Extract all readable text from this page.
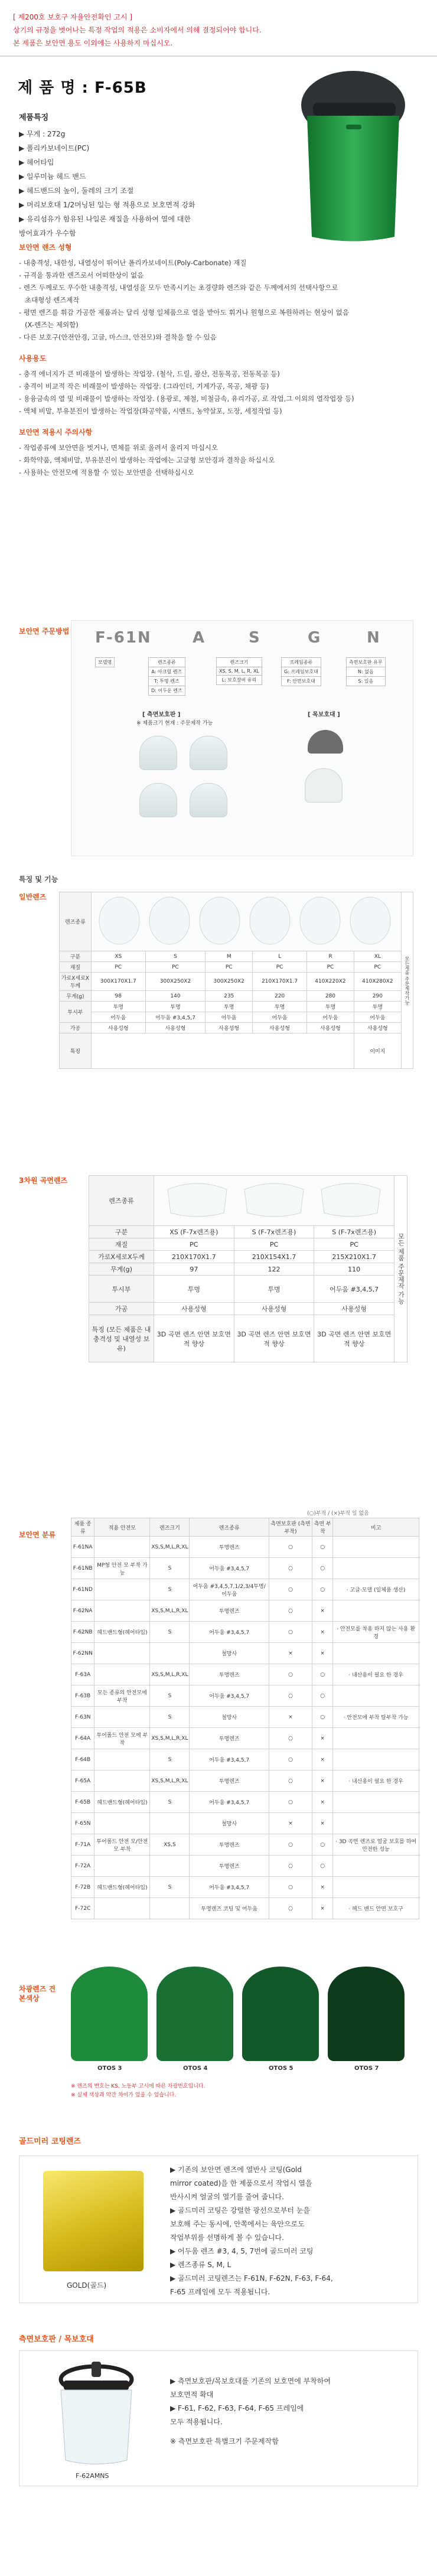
[ 제200호 보호구 자율안전확인 고시 ]

상기의 규정을 벗어나는 특정 작업의 적용은 소비자에서 의해 결정되어야 합니다.

본 제품은 보안면 용도 이외에는 사용하지 마십시오.

제 품 명 : F-65B
제품특징
▶ 무게 : 272g
▶ 폴리카보네이트(PC)
▶ 헤어타입
▶ 일루미늄 헤드 밴드
▶ 헤드밴드의 높이, 둘레의 크기 조절
▶ 머리보호대 1/2머닝된 일는 형 적용으로 보호면적 강화
▶ 유리섬유가 함유된 나일론 재질을 사용하여 열에 대한
방어효과가 우수함
보안면 렌즈 성형
- 내충격성, 내한성, 내열성이 뛰어난 폴리카보네이트(Poly-Carbonate) 재질
- 규격을 통과한 렌즈로서 어떠한상이 없음
- 렌즈 두께로도 우수한 내충격성, 내열성을 모두 만족시키는 초경량화 렌즈와 같은 두께에서의 선택사항으로
초대형성 렌즈제작
- 평면 렌즈를 휘감 가공한 제품과는 달리 성형 일체품으로 열을 받아도 휘거나 원형으로 복원하려는 현상이 없음
(X-렌즈는 제외함)
- 다른 보호구(안전안경, 고글, 마스크, 안전모)와 결착을 할 수 있음
사용용도
- 충격 에너지가 큰 비래물이 발생하는 작업장. (철삭, 드릴, 광산, 전동목공, 전동목공 등)
- 충격이 비교적 작은 비래물이 발생하는 작업장. (그라인더, 기계가공, 목공, 채광 등)
- 용융금속의 열 및 비래물이 발생하는 작업장. (용광로, 제철, 비철금속, 유리가공, 로 작업,그 이외의 열작업장 등)
- 액체 비말, 부유분진이 발생하는 작업장(화공약품, 시멘트, 농약살포, 도장, 세정작업 등)
보안면 적용시 주의사항
- 작업종류에 보안면을 벗거나, 면체를 위로 올려서 올리지 마십시오
- 화학약품, 액체비말, 부유분진이 발생하는 작업에는 고글형 보안경과 결착을 하십시오
- 사용하는 안전모에 적용할 수 있는 보안면을 선택하십시오
보안면 주문방법 F-61N	A	S	G	N
모델명	렌즈종류
A: 아크릴 렌즈
T: 투명 렌즈
D: 어두운 렌즈
렌즈크기
XS, S, M, L, R, XL
L: 보호장비 유리
프레임종류
G: 프레임보호대
F: 안면보호대
측면보호판 유무
N: 없음
S: 있음
[ 측면보호판 ]
※ 제품크기 현재 : 주문제작 가능
[ 목보호대 ]
특징 및 기능
일반렌즈
렌즈종류							모든제품 주문제작가능
구분	XS	S	M	L	R	XL	
재질	PC	PC	PC	PC	PC	PC	
가로X세로X두께	300X170X1.7	300X250X2	300X250X2	210X170X1.7	410X220X2	410X280X2	
무게(g)	98	140	235	220	280	290	
투시부	투명	투명	투명	투명	투명	투명	
	어두움	어두움 #3,4,5,7	어두움	어두움	어두움	어두움	
가공	사용성형	사용성형	사용성형	사용성형	사용성형	사용성형	
특징						이미지	
3차원 곡면렌즈
렌즈종류				모든 제품 주문제작 가능
구분	XS (F-7x렌즈용)	S (F-7x렌즈용)	S (F-7x렌즈용)	
재질	PC	PC	PC	
가로X세로X두께	210X170X1.7	210X154X1.7	215X210X1.7	
무게(g)	97	122	110	
투시부	투명	투명	어두움 #3,4,5,7	
가공	사용성형	사용성형	사용성형	
특징 (모든 제품은 내충격성 및 내열성 보유)	3D 곡면 렌즈 안면 보호면적 향상	3D 곡면 렌즈 안면 보호면적 향상	3D 곡면 렌즈 안면 보호면적 향상	
보안면 분류
(○)부적 / (×)부적 일 없음
제품 종류	적용 안전모	렌즈크기	렌즈종류	측면보호판 (측면부착)	측면 부착	비고
F-61NA		XS,S,M,L,R,XL	투명렌즈	○	○	
F-61NB	MP형 안전 모 부착 가능	S	어두움 #3,4,5,7	○	○	
F-61ND		S	어두움 #3,4,5,7,1/2,3/4투명/어두움	○	○	· 고글·모델 (일체품 생산)
F-62NA		XS,S,M,L,R,XL	투명렌즈	○	×	
F-62NB	헤드밴드형(헤어타입)	S	어두움 #3,4,5,7	○	×	· 안전모를 착용 하지 않는 사용 환경
F-62NN			철망사	×	×	
F-63A		XS,S,M,L,R,XL	투명렌즈	○	○	· 내산용이 필요 한 경우
F-63B	모든 종류의 안전모에 부착	S	어두움 #3,4,5,7	○	○	
F-63N		S	철망사	×	○	· 안전모에 부착 탈부착 가능
F-64A	투어폴드 안전 모에 부착	XS,S,M,L,R,XL	투명렌즈	○	×	
F-64B		S	어두움 #3,4,5,7	○	×	
F-65A		XS,S,M,L,R,XL	투명렌즈	○	×	· 내산용이 필요 한 경우
F-65B	헤드밴드형(헤어타입)	S	어두움 #3,4,5,7	○	×	
F-65N			철망사	×	×	
F-71A	투어폴드 안전 모/안전모 부착	XS,S	투명렌즈	○	○	· 3D 곡면 렌즈로 얼굴 보호를 하여 안전한 성능
F-72A			투명렌즈	○	○	
F-72B	헤드밴드형(헤어타입)	S	어두움 #3,4,5,7	○	×	
F-72C			투명렌즈 코팅 및 어두움	○	×	· 헤드 밴드 안면 보호구
차광렌즈 견본색상
OTOS 3	OTOS 4	OTOS 5	OTOS 7
※ 렌즈의 번호는 KS, 노동부 고시에 따른 차광번호입니다.
※ 실제 색상과 약간 차이가 있을 수 있습니다.
골드미러 코팅렌즈
GOLD(골드)
▶ 기존의 보안면 렌즈에 열반사 코팅(Gold
mirror coated)을 한 제품으로서 작업시 열을
반사시켜 얼굴의 열기를 줄여 줍니다.
▶ 골드미러 코팅은 강렬한 광선으로부터 눈을
보호해 주는 동시에, 안쪽에서는 육안으로도
작업부위를 선명하게 볼 수 있습니다.
▶ 어두움 렌즈 #3, 4, 5, 7번에 골드미러 코팅
▶ 렌즈종류 S, M, L
▶ 골드미러 코팅렌즈는 F-61N, F-62N, F-63, F-64,
F-65 프레임에 모두 적용됩니다.
측면보호판 / 목보호대
F-62AMNS
▶ 측면보호판/목보호대를 기존의 보호면에 부착하여
보호면적 확대
▶ F-61, F-62, F-63, F-64, F-65 프레임에
모두 적용됩니다.
※ 측면보호판 특별크기 주문제작함
